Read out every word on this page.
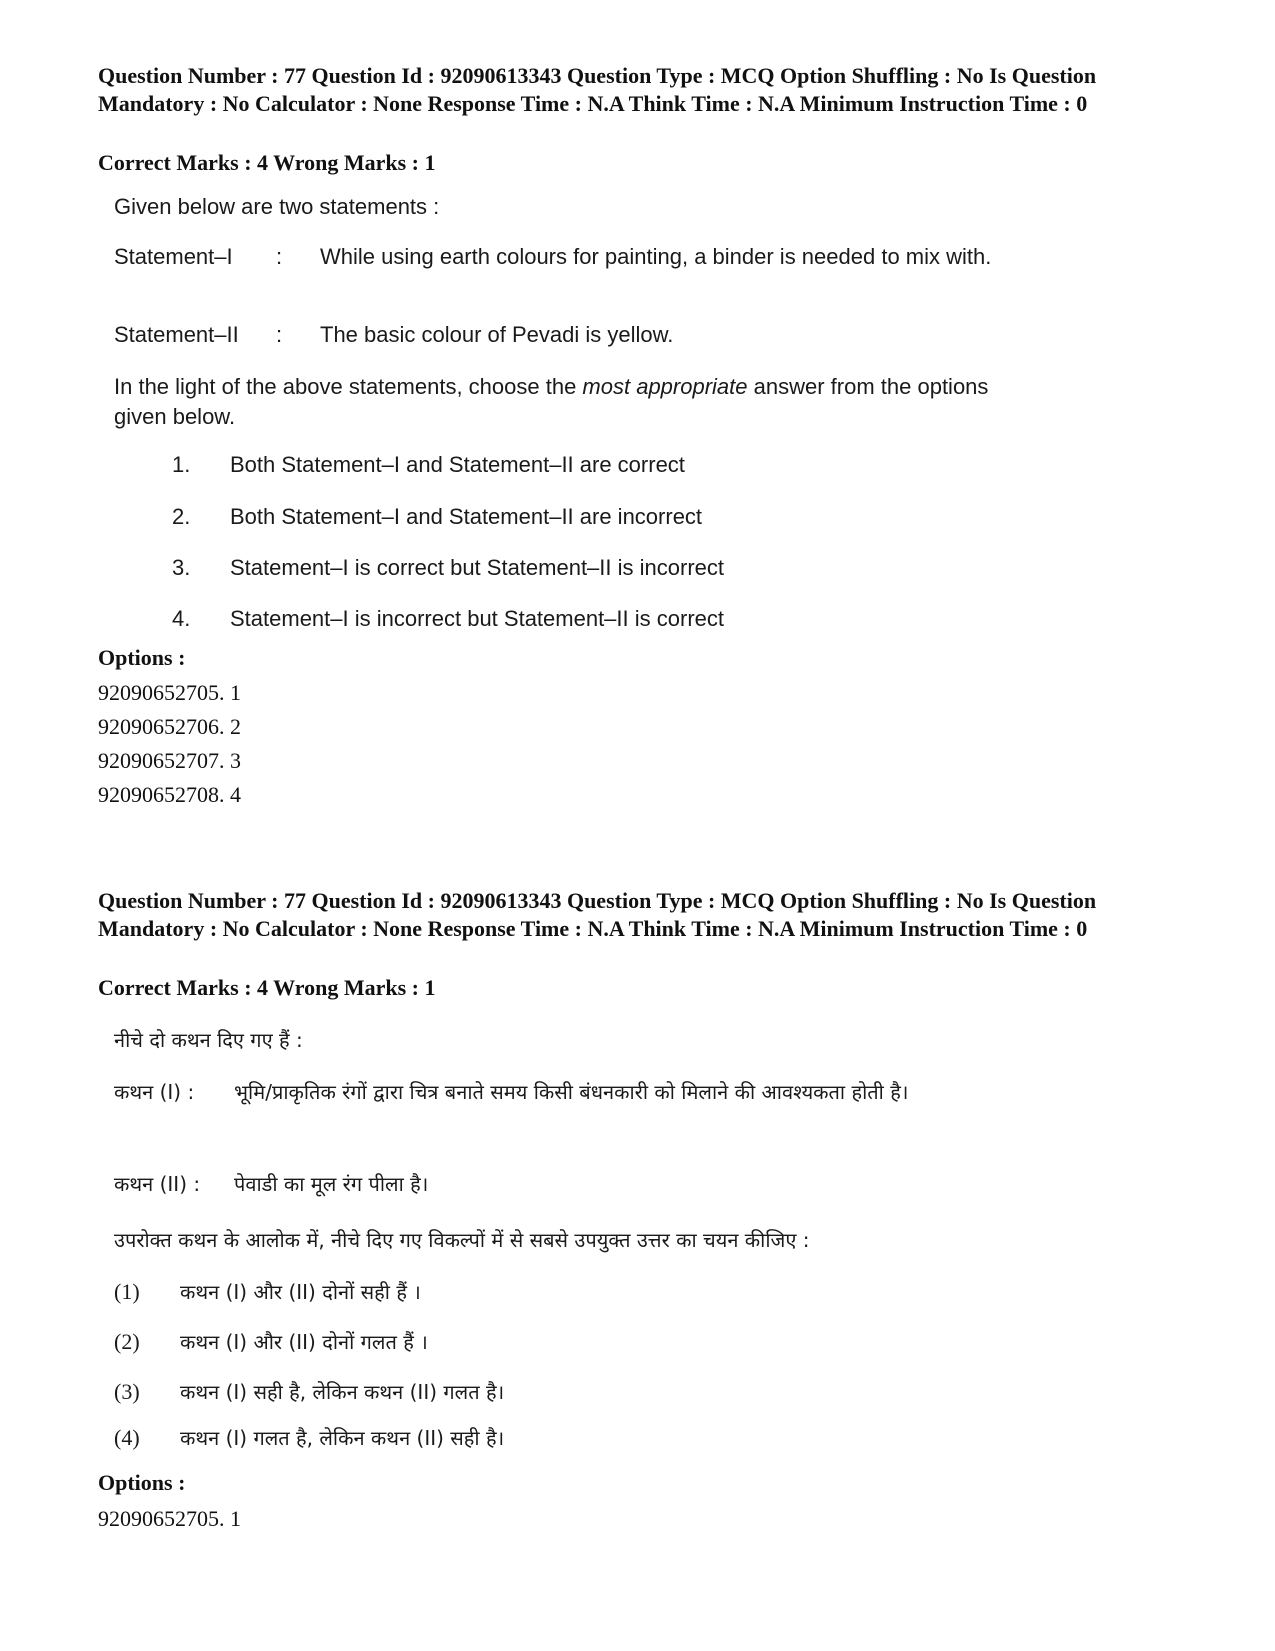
Question Number : 77 Question Id : 92090613343 Question Type : MCQ Option Shuffling : No Is Question Mandatory : No Calculator : None Response Time : N.A Think Time : N.A Minimum Instruction Time : 0
Correct Marks : 4 Wrong Marks : 1
Given below are two statements :
Statement–I	: While using earth colours for painting, a binder is needed to mix with.
Statement–II	: The basic colour of Pevadi is yellow.
In the light of the above statements, choose the most appropriate answer from the options given below.
1.	Both Statement–I and Statement–II are correct
2.	Both Statement–I and Statement–II are incorrect
3.	Statement–I is correct but Statement–II is incorrect
4.	Statement–I is incorrect but Statement–II is correct
Options :
92090652705. 1
92090652706. 2
92090652707. 3
92090652708. 4
Question Number : 77 Question Id : 92090613343 Question Type : MCQ Option Shuffling : No Is Question Mandatory : No Calculator : None Response Time : N.A Think Time : N.A Minimum Instruction Time : 0
Correct Marks : 4 Wrong Marks : 1
नीचे दो कथन दिए गए हैं :
कथन (I) : भूमि/प्राकृतिक रंगों द्वारा चित्र बनाते समय किसी बंधनकारी को मिलाने की आवश्यकता होती है।
कथन (II) : पेवाडी का मूल रंग पीला है।
उपरोक्त कथन के आलोक में, नीचे दिए गए विकल्पों में से सबसे उपयुक्त उत्तर का चयन कीजिए :
(1)	कथन (I) और (II) दोनों सही हैं ।
(2)	कथन (I) और (II) दोनों गलत हैं ।
(3)	कथन (I) सही है, लेकिन कथन (II) गलत है।
(4)	कथन (I) गलत है, लेकिन कथन (II) सही है।
Options :
92090652705. 1
